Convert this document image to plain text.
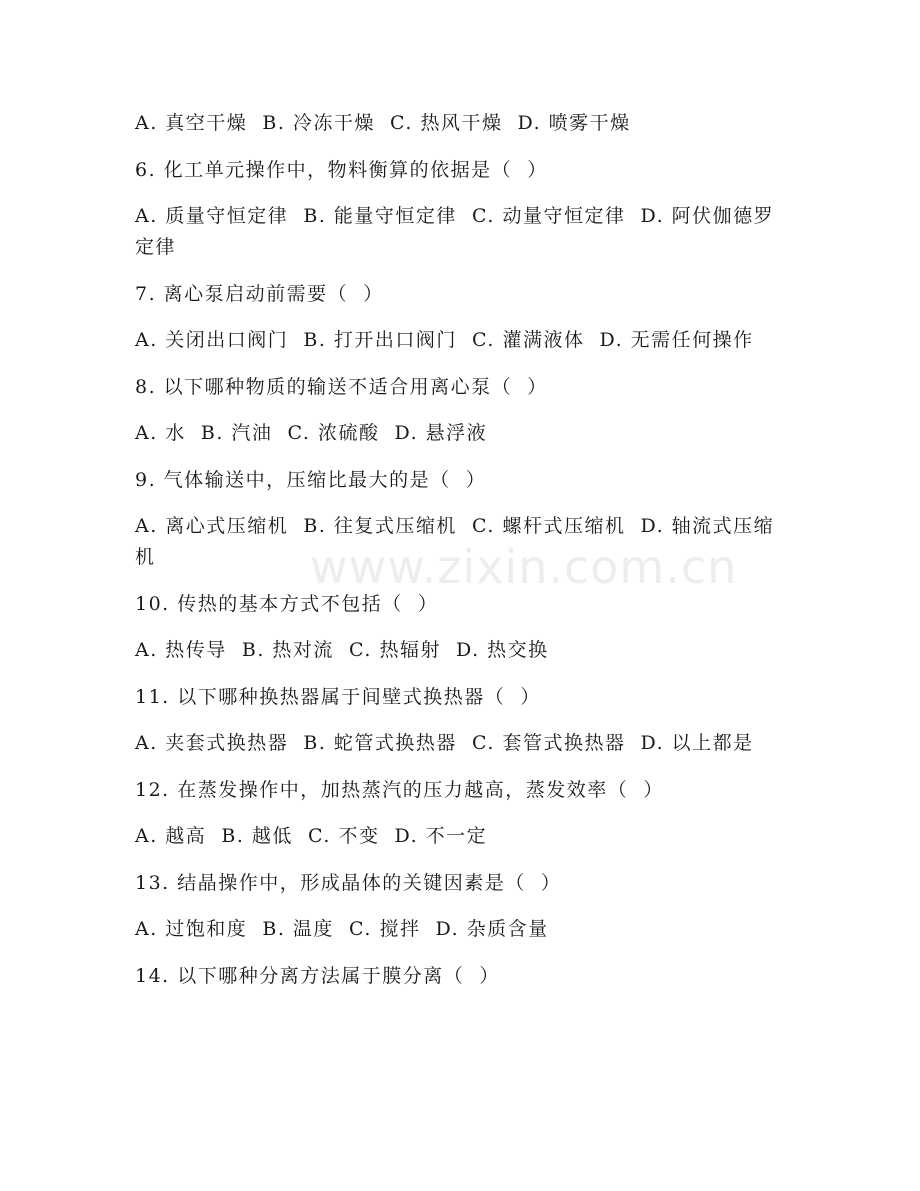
A. 真空干燥  B. 冷冻干燥  C. 热风干燥  D. 喷雾干燥

6. 化工单元操作中，物料衡算的依据是（  ）

A. 质量守恒定律  B. 能量守恒定律  C. 动量守恒定律  D. 阿伏伽德罗定律

7. 离心泵启动前需要（  ）

A. 关闭出口阀门  B. 打开出口阀门  C. 灌满液体  D. 无需任何操作

8. 以下哪种物质的输送不适合用离心泵（  ）

A. 水  B. 汽油  C. 浓硫酸  D. 悬浮液

9. 气体输送中，压缩比最大的是（  ）

A. 离心式压缩机  B. 往复式压缩机  C. 螺杆式压缩机  D. 轴流式压缩机

10. 传热的基本方式不包括（  ）

A. 热传导  B. 热对流  C. 热辐射  D. 热交换

11. 以下哪种换热器属于间壁式换热器（  ）

A. 夹套式换热器  B. 蛇管式换热器  C. 套管式换热器  D. 以上都是

12. 在蒸发操作中，加热蒸汽的压力越高，蒸发效率（  ）

A. 越高  B. 越低  C. 不变  D. 不一定

13. 结晶操作中，形成晶体的关键因素是（  ）

A. 过饱和度  B. 温度  C. 搅拌  D. 杂质含量

14. 以下哪种分离方法属于膜分离（  ）

www.zixin.com.cn
